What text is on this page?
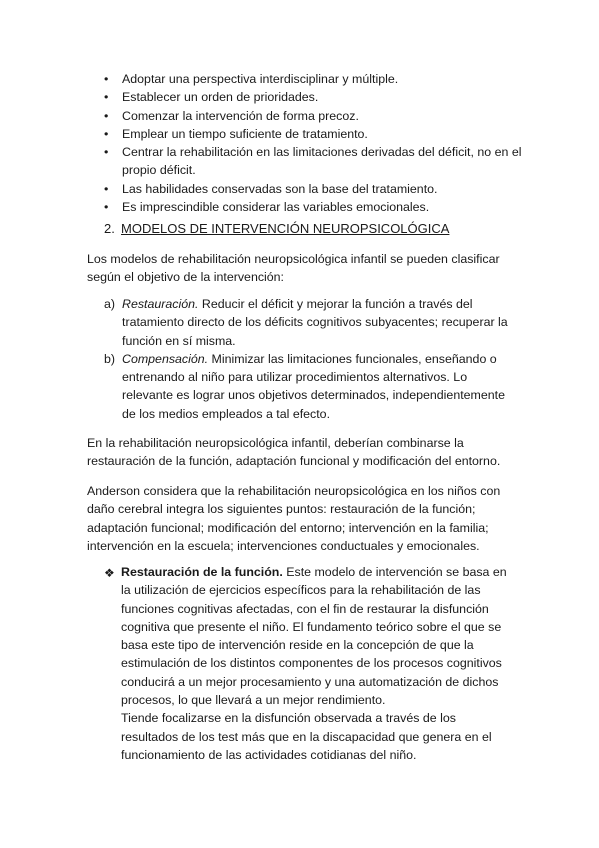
• Adoptar una perspectiva interdisciplinar y múltiple.
• Establecer un orden de prioridades.
• Comenzar la intervención de forma precoz.
• Emplear un tiempo suficiente de tratamiento.
• Centrar la rehabilitación en las limitaciones derivadas del déficit, no en el propio déficit.
• Las habilidades conservadas son la base del tratamiento.
• Es imprescindible considerar las variables emocionales.
2. MODELOS DE INTERVENCIÓN NEUROPSICOLÓGICA
Los modelos de rehabilitación neuropsicológica infantil se pueden clasificar según el objetivo de la intervención:
a) Restauración. Reducir el déficit y mejorar la función a través del tratamiento directo de los déficits cognitivos subyacentes; recuperar la función en sí misma.
b) Compensación. Minimizar las limitaciones funcionales, enseñando o entrenando al niño para utilizar procedimientos alternativos. Lo relevante es lograr unos objetivos determinados, independientemente de los medios empleados a tal efecto.
En la rehabilitación neuropsicológica infantil, deberían combinarse la restauración de la función, adaptación funcional y modificación del entorno.
Anderson considera que la rehabilitación neuropsicológica en los niños con daño cerebral integra los siguientes puntos: restauración de la función; adaptación funcional; modificación del entorno; intervención en la familia; intervención en la escuela; intervenciones conductuales y emocionales.
❖ Restauración de la función. Este modelo de intervención se basa en la utilización de ejercicios específicos para la rehabilitación de las funciones cognitivas afectadas, con el fin de restaurar la disfunción cognitiva que presente el niño. El fundamento teórico sobre el que se basa este tipo de intervención reside en la concepción de que la estimulación de los distintos componentes de los procesos cognitivos conducirá a un mejor procesamiento y una automatización de dichos procesos, lo que llevará a un mejor rendimiento.
Tiende focalizarse en la disfunción observada a través de los resultados de los test más que en la discapacidad que genera en el funcionamiento de las actividades cotidianas del niño.
